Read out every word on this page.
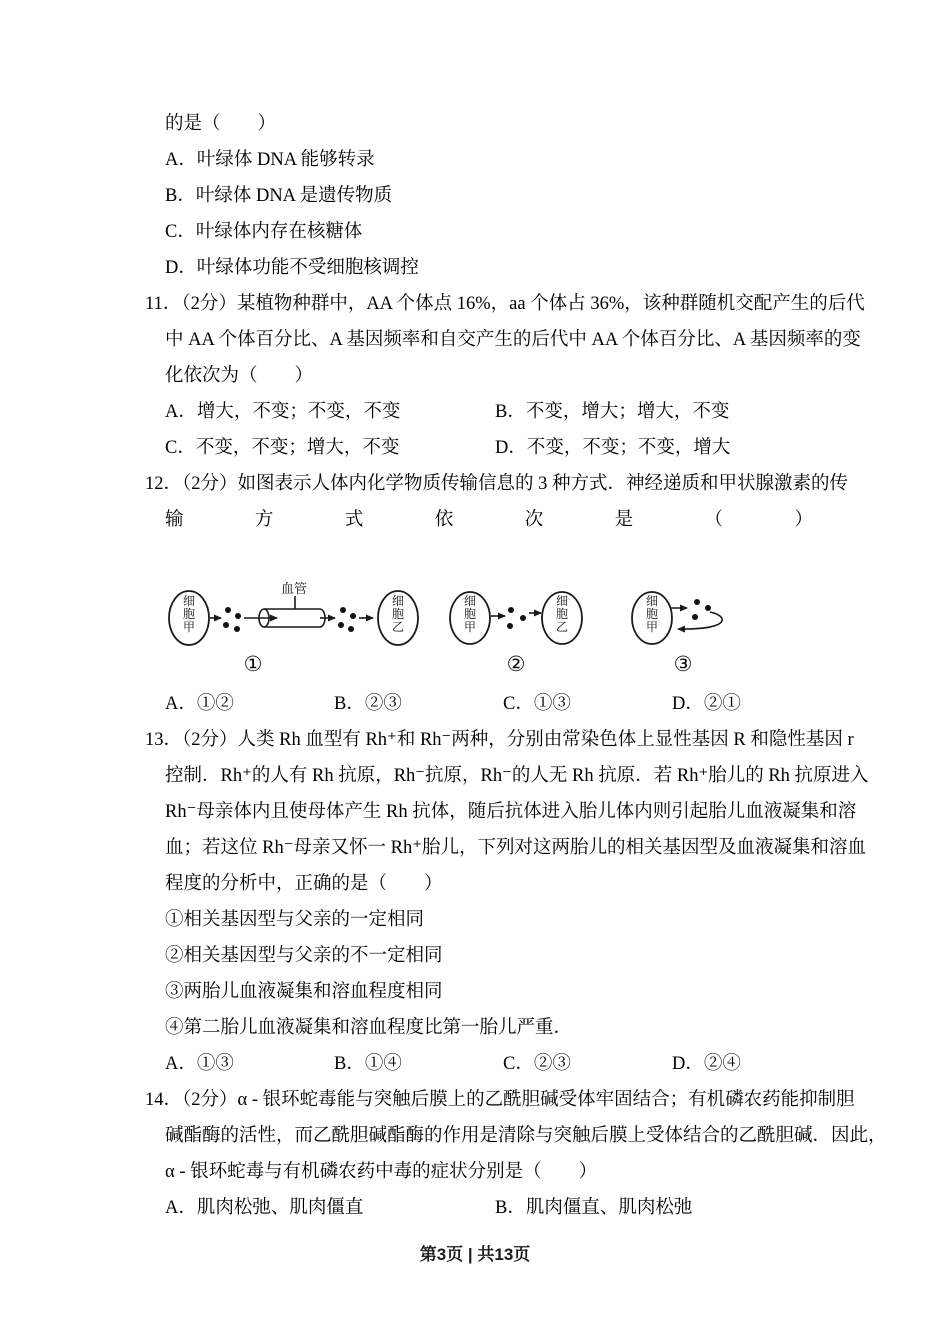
的是（　　）
A．叶绿体 DNA 能够转录
B．叶绿体 DNA 是遗传物质
C．叶绿体内存在核糖体
D．叶绿体功能不受细胞核调控
11．（2分）某植物种群中，AA 个体点 16%，aa 个体占 36%，该种群随机交配产生的后代
中 AA 个体百分比、A 基因频率和自交产生的后代中 AA 个体百分比、A 基因频率的变
化依次为（　　）
A．增大，不变；不变，不变	B．不变，增大；增大，不变
C．不变，不变；增大，不变	D．不变，不变；不变，增大
12．（2分）如图表示人体内化学物质传输信息的 3 种方式．神经递质和甲状腺激素的传
输	方	式	依	次	是	（	）
细胞甲
血管
细胞乙
①
细胞甲
细胞乙
②
细胞甲
③
A．①②	B．②③	C．①③	D．②①
13．（2分）人类 Rh 血型有 Rh⁺和 Rh⁻两种，分别由常染色体上显性基因 R 和隐性基因 r
控制．Rh⁺的人有 Rh 抗原，Rh⁻抗原，Rh⁻的人无 Rh 抗原．若 Rh⁺胎儿的 Rh 抗原进入
Rh⁻母亲体内且使母体产生 Rh 抗体，随后抗体进入胎儿体内则引起胎儿血液凝集和溶
血；若这位 Rh⁻母亲又怀一 Rh⁺胎儿，下列对这两胎儿的相关基因型及血液凝集和溶血
程度的分析中，正确的是（　　）
①相关基因型与父亲的一定相同
②相关基因型与父亲的不一定相同
③两胎儿血液凝集和溶血程度相同
④第二胎儿血液凝集和溶血程度比第一胎儿严重．
A．①③	B．①④	C．②③	D．②④
14．（2分）α - 银环蛇毒能与突触后膜上的乙酰胆碱受体牢固结合；有机磷农药能抑制胆
碱酯酶的活性，而乙酰胆碱酯酶的作用是清除与突触后膜上受体结合的乙酰胆碱．因此，
α - 银环蛇毒与有机磷农药中毒的症状分别是（　　）
A．肌肉松弛、肌肉僵直	B．肌肉僵直、肌肉松弛
第3页 | 共13页
